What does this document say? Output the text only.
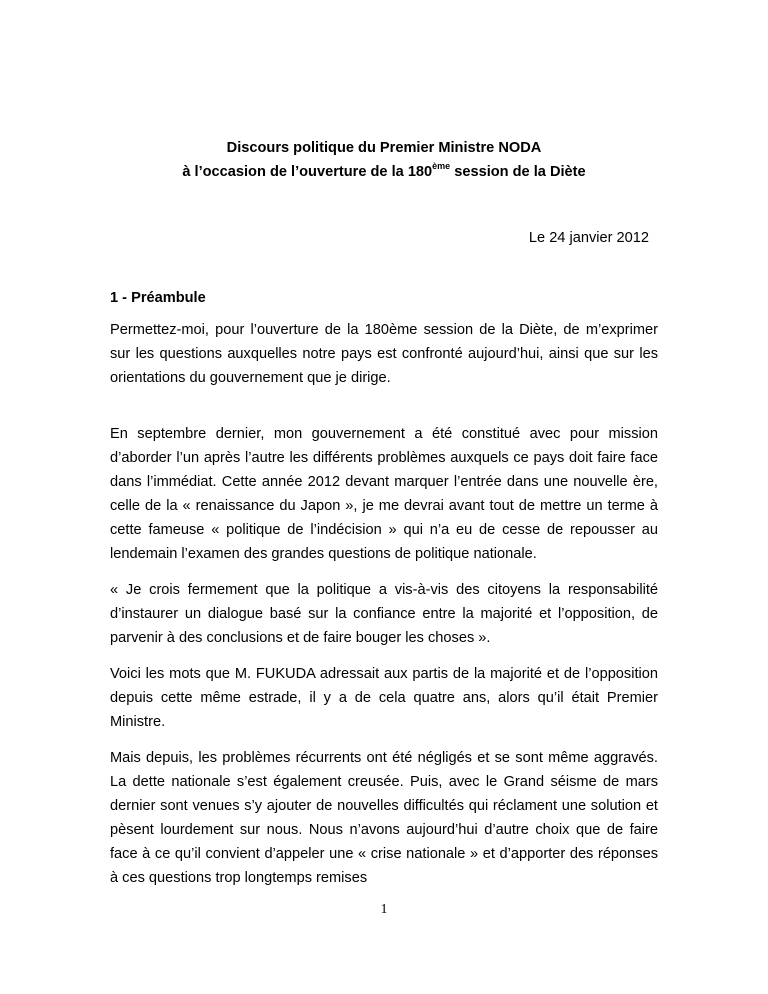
Discours politique du Premier Ministre NODA
à l’occasion de l’ouverture de la 180ème session de la Diète
Le 24 janvier 2012
1 - Préambule

Permettez-moi, pour l’ouverture de la 180ème session de la Diète, de m’exprimer sur les questions auxquelles notre pays est confronté aujourd’hui, ainsi que sur les orientations du gouvernement que je dirige.

En septembre dernier, mon gouvernement a été constitué avec pour mission d’aborder l’un après l’autre les différents problèmes auxquels ce pays doit faire face dans l’immédiat. Cette année 2012 devant marquer l’entrée dans une nouvelle ère, celle de la « renaissance du Japon », je me devrai avant tout de mettre un terme à cette fameuse « politique de l’indécision » qui n’a eu de cesse de repousser au lendemain l’examen des grandes questions de politique nationale.

« Je crois fermement que la politique a vis-à-vis des citoyens la responsabilité d’instaurer un dialogue basé sur la confiance entre la majorité et l’opposition, de parvenir à des conclusions et de faire bouger les choses ».

Voici les mots que M. FUKUDA adressait aux partis de la majorité et de l’opposition depuis cette même estrade, il y a de cela quatre ans, alors qu’il était Premier Ministre.

Mais depuis, les problèmes récurrents ont été négligés et se sont même aggravés. La dette nationale s’est également creusée. Puis, avec le Grand séisme de mars dernier sont venues s’y ajouter de nouvelles difficultés qui réclament une solution et pèsent lourdement sur nous. Nous n’avons aujourd’hui d’autre choix que de faire face à ce qu’il convient d’appeler une « crise nationale » et d’apporter des réponses à ces questions trop longtemps remises

1
